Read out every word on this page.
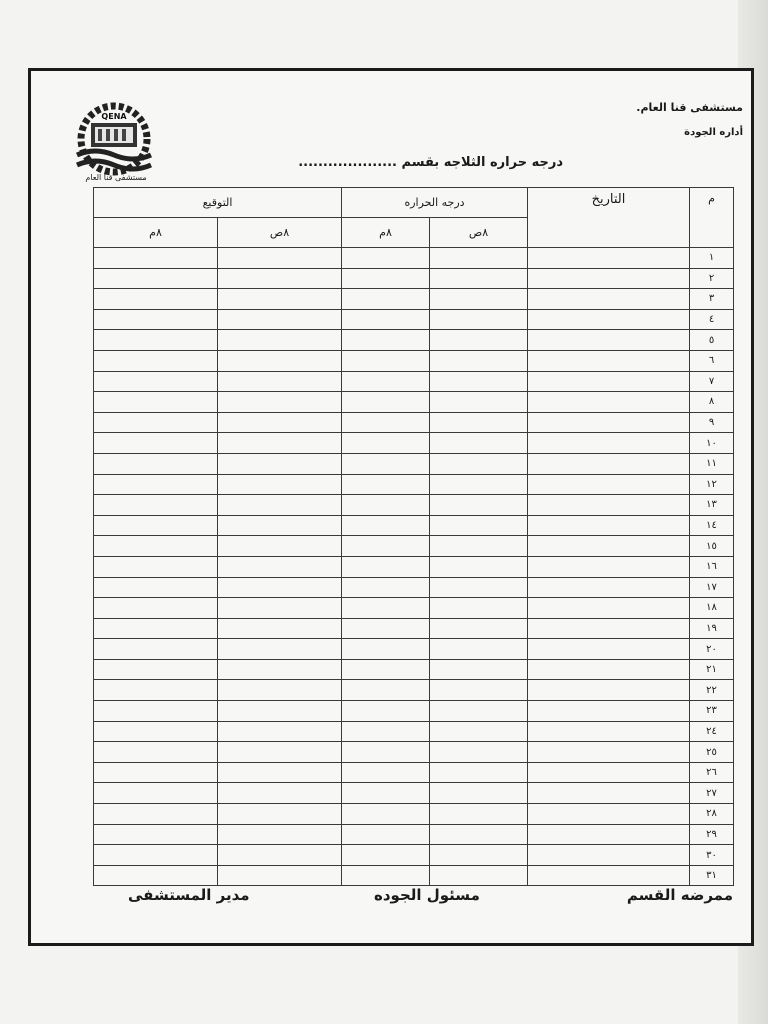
QENA
مستشفى قنا العام
مستشفى قنا العام.
أداره الجودة
درجه حراره الثلاجه بقسم ....................
م	التاريخ	درجه الحراره		التوقيع	
		٨ص	٨م	٨ص	٨م
١					
٢					
٣					
٤					
٥					
٦					
٧					
٨					
٩					
١٠					
١١					
١٢					
١٣					
١٤					
١٥					
١٦					
١٧					
١٨					
١٩					
٢٠					
٢١					
٢٢					
٢٣					
٢٤					
٢٥					
٢٦					
٢٧					
٢٨					
٢٩					
٣٠					
٣١					
ممرضه القسم
مسئول الجوده
مدير المستشفى
